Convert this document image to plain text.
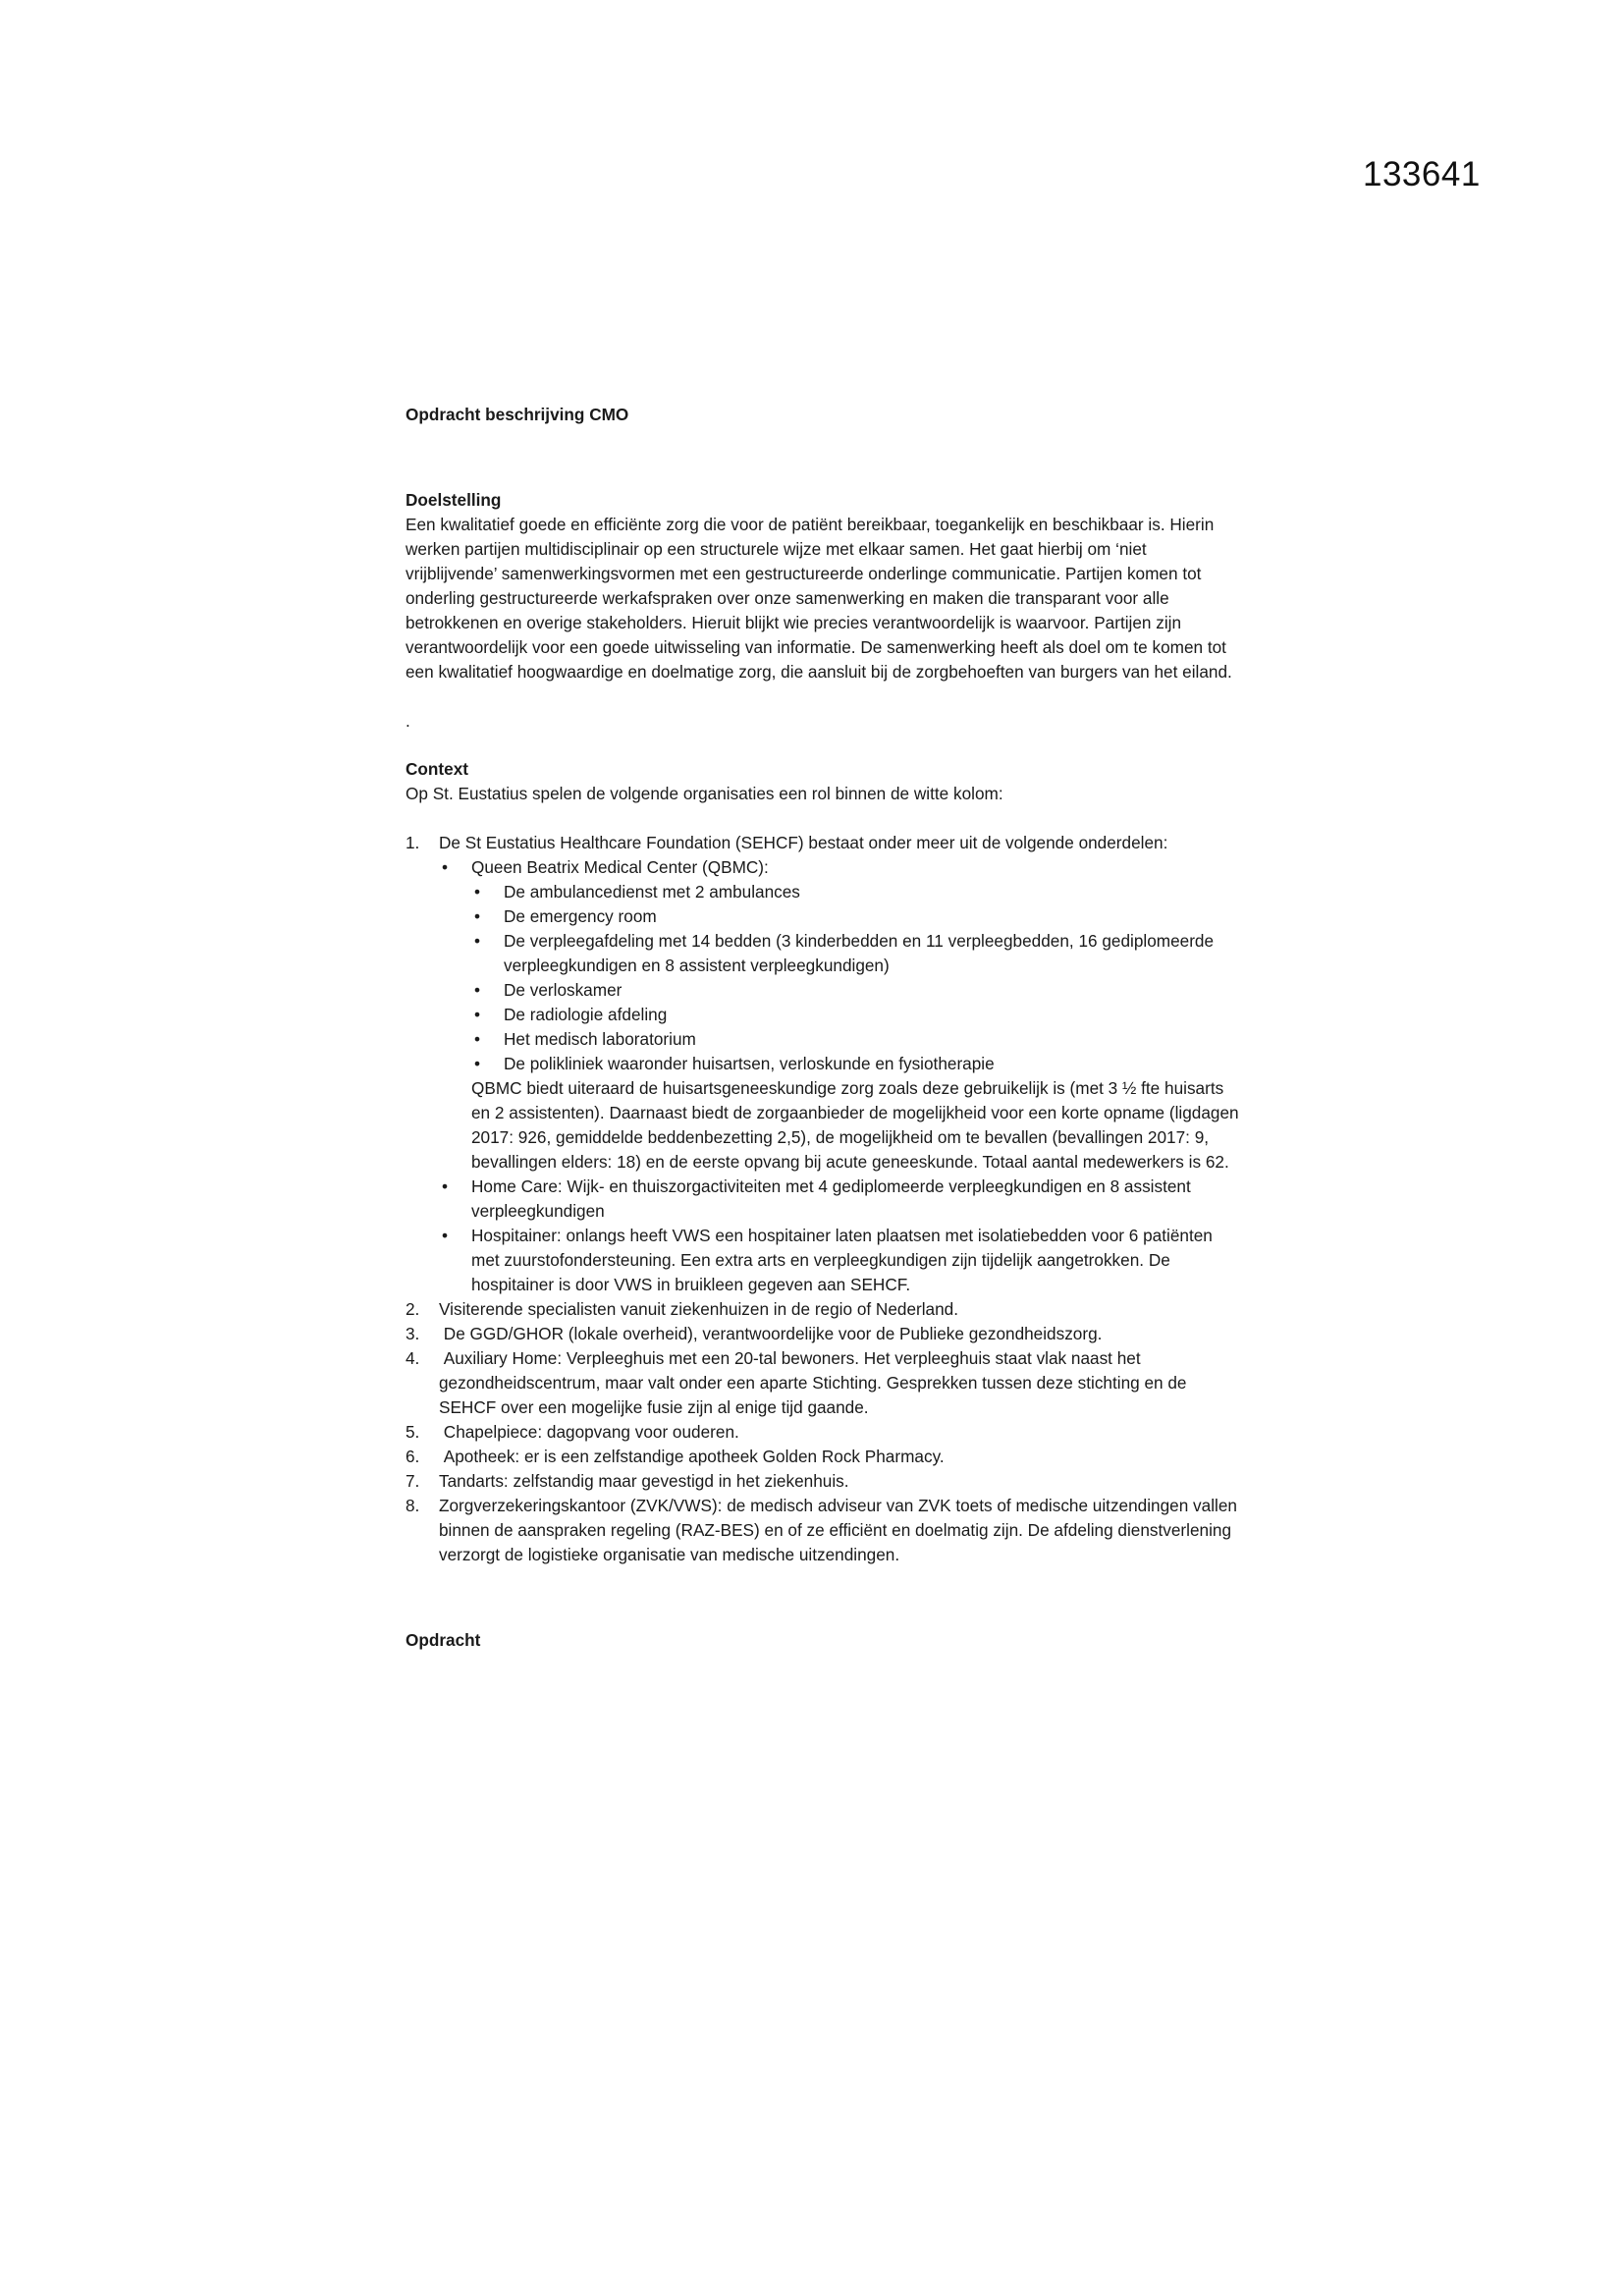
133641
Opdracht beschrijving CMO
Doelstelling

Een kwalitatief goede en efficiënte zorg die voor de patiënt bereikbaar, toegankelijk en beschikbaar is. Hierin werken partijen multidisciplinair op een structurele wijze met elkaar samen. Het gaat hierbij om ‘niet vrijblijvende’ samenwerkingsvormen met een gestructureerde onderlinge communicatie. Partijen komen tot onderling gestructureerde werkafspraken over onze samenwerking en maken die transparant voor alle betrokkenen en overige stakeholders. Hieruit blijkt wie precies verantwoordelijk is waarvoor. Partijen zijn verantwoordelijk voor een goede uitwisseling van informatie. De samenwerking heeft als doel om te komen tot een kwalitatief hoogwaardige en doelmatige zorg, die aansluit bij de zorgbehoeften van burgers van het eiland.

.
Context

Op St. Eustatius spelen de volgende organisaties een rol binnen de witte kolom:

1.	De St Eustatius Healthcare Foundation (SEHCF) bestaat onder meer uit de volgende onderdelen:
• Queen Beatrix Medical Center (QBMC):
• De ambulancedienst met 2 ambulances
• De emergency room
• De verpleegafdeling met 14 bedden (3 kinderbedden en 11 verpleegbedden, 16 gediplomeerde verpleegkundigen en 8 assistent verpleegkundigen)
• De verloskamer
• De radiologie afdeling
• Het medisch laboratorium
• De polikliniek waaronder huisartsen, verloskunde en fysiotherapie

QBMC biedt uiteraard de huisartsgeneeskundige zorg zoals deze gebruikelijk is (met 3 ½ fte huisarts en 2 assistenten). Daarnaast biedt de zorgaanbieder de mogelijkheid voor een korte opname (ligdagen 2017: 926, gemiddelde beddenbezetting 2,5), de mogelijkheid om te bevallen (bevallingen 2017: 9, bevallingen elders: 18) en de eerste opvang bij acute geneeskunde. Totaal aantal medewerkers is 62.

• Home Care: Wijk- en thuiszorgactiviteiten met 4 gediplomeerde verpleegkundigen en 8 assistent verpleegkundigen
• Hospitainer: onlangs heeft VWS een hospitainer laten plaatsen met isolatiebedden voor 6 patiënten met zuurstofondersteuning. Een extra arts en verpleegkundigen zijn tijdelijk aangetrokken. De hospitainer is door VWS in bruikleen gegeven aan SEHCF.
2.	Visiterende specialisten vanuit ziekenhuizen in de regio of Nederland.
3.	De GGD/GHOR (lokale overheid), verantwoordelijke voor de Publieke gezondheidszorg.
4.	Auxiliary Home: Verpleeghuis met een 20-tal bewoners. Het verpleeghuis staat vlak naast het gezondheidscentrum, maar valt onder een aparte Stichting. Gesprekken tussen deze stichting en de SEHCF over een mogelijke fusie zijn al enige tijd gaande.
5.	Chapelpiece: dagopvang voor ouderen.
6.	Apotheek: er is een zelfstandige apotheek Golden Rock Pharmacy.
7.	Tandarts: zelfstandig maar gevestigd in het ziekenhuis.
8.	Zorgverzekeringskantoor (ZVK/VWS): de medisch adviseur van ZVK toets of medische uitzendingen vallen binnen de aanspraken regeling (RAZ-BES) en of ze efficiënt en doelmatig zijn. De afdeling dienstverlening verzorgt de logistieke organisatie van medische uitzendingen.
Opdracht
